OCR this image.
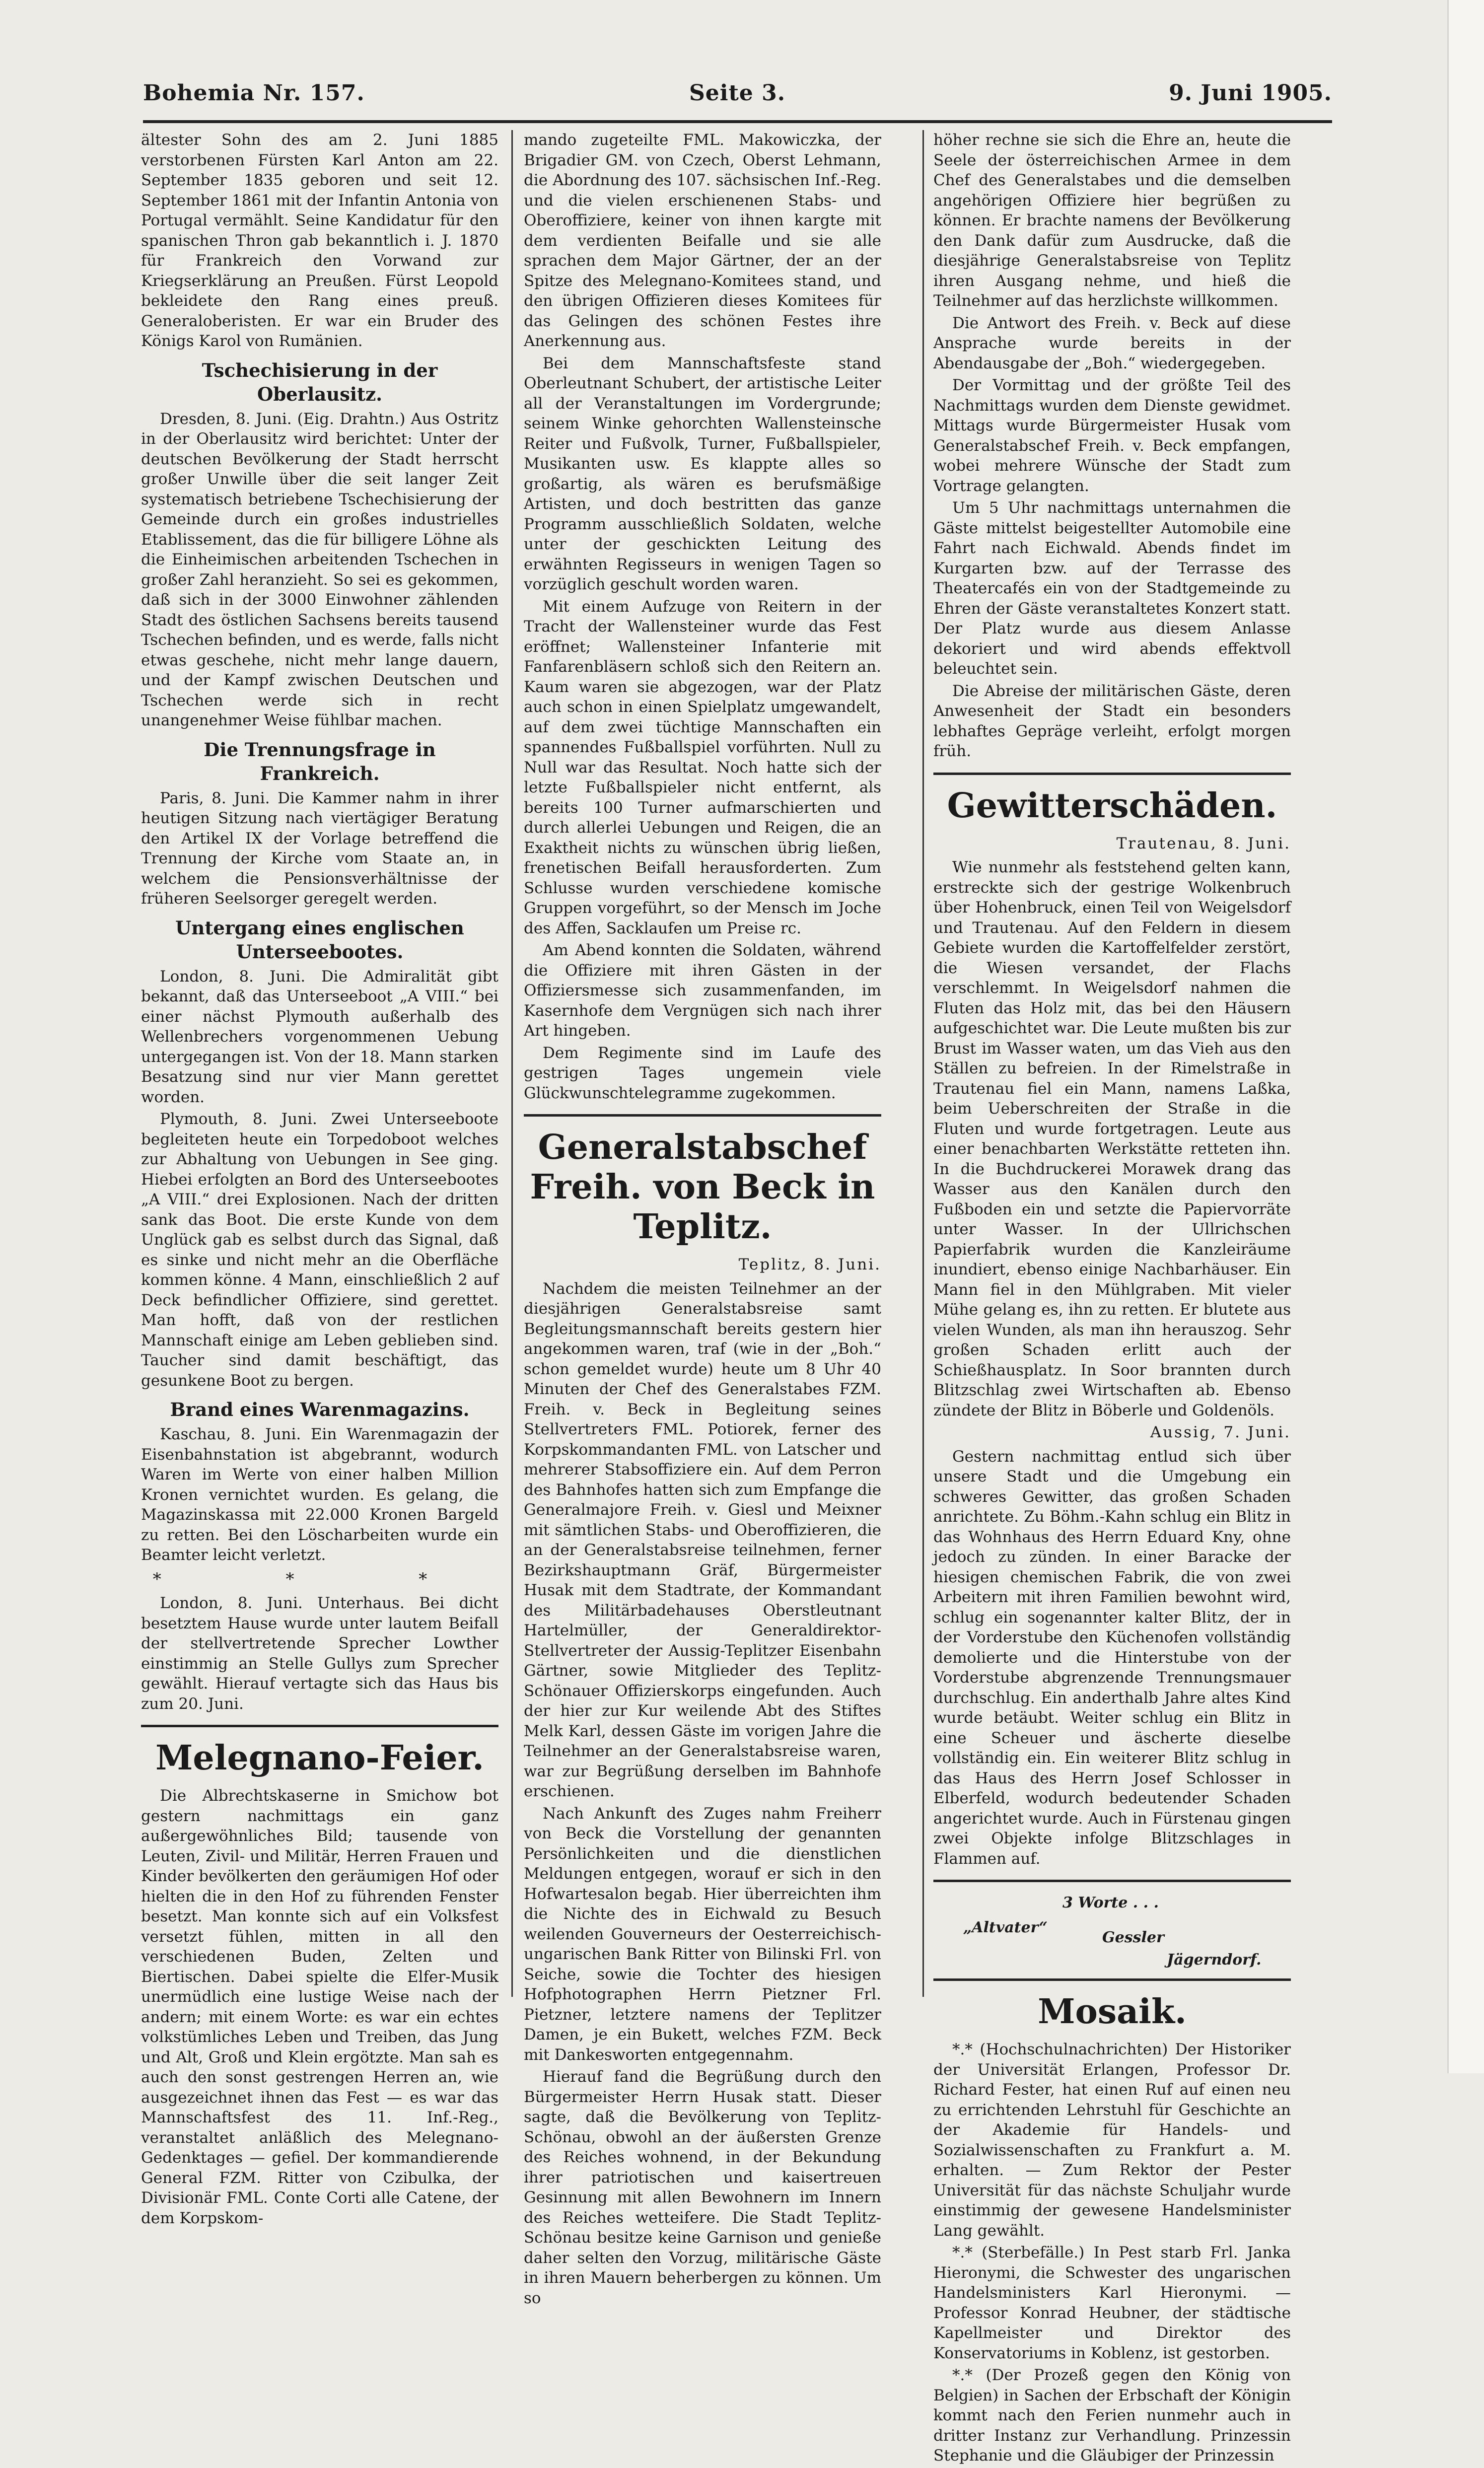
Bohemia Nr. 157.	Seite 3.	9. Juni 1905.

ältester Sohn des am 2. Juni 1885 verstorbenen Fürsten Karl Anton am 22. September 1835 geboren und seit 12. September 1861 mit der Infantin Antonia von Portugal vermählt. Seine Kandidatur für den spanischen Thron gab bekanntlich i. J. 1870 für Frankreich den Vorwand zur Kriegserklärung an Preußen. Fürst Leopold bekleidete den Rang eines preuß. Generaloberisten. Er war ein Bruder des Königs Karol von Rumänien.

Tschechisierung in der Oberlausitz.

Dresden, 8. Juni. (Eig. Drahtn.) Aus Ostritz in der Oberlausitz wird berichtet: Unter der deutschen Bevölkerung der Stadt herrscht großer Unwille über die seit langer Zeit systematisch betriebene Tschechisierung der Gemeinde durch ein großes industrielles Etablissement, das die für billigere Löhne als die Einheimischen arbeitenden Tschechen in großer Zahl heranzieht. So sei es gekommen, daß sich in der 3000 Einwohner zählenden Stadt des östlichen Sachsens bereits tausend Tschechen befinden, und es werde, falls nicht etwas geschehe, nicht mehr lange dauern, und der Kampf zwischen Deutschen und Tschechen werde sich in recht unangenehmer Weise fühlbar machen.

Die Trennungsfrage in Frankreich.

Paris, 8. Juni. Die Kammer nahm in ihrer heutigen Sitzung nach viertägiger Beratung den Artikel IX der Vorlage betreffend die Trennung der Kirche vom Staate an, in welchem die Pensionsverhältnisse der früheren Seelsorger geregelt werden.

Untergang eines englischen Unterseebootes.

London, 8. Juni. Die Admiralität gibt bekannt, daß das Unterseeboot „A VIII.“ bei einer nächst Plymouth außerhalb des Wellenbrechers vorgenommenen Uebung untergegangen ist. Von der 18. Mann starken Besatzung sind nur vier Mann gerettet worden.

Plymouth, 8. Juni. Zwei Unterseeboote begleiteten heute ein Torpedoboot welches zur Abhaltung von Uebungen in See ging. Hiebei erfolgten an Bord des Unterseebootes „A VIII.“ drei Explosionen. Nach der dritten sank das Boot. Die erste Kunde von dem Unglück gab es selbst durch das Signal, daß es sinke und nicht mehr an die Oberfläche kommen könne. 4 Mann, einschließlich 2 auf Deck befindlicher Offiziere, sind gerettet. Man hofft, daß von der restlichen Mannschaft einige am Leben geblieben sind. Taucher sind damit beschäftigt, das gesunkene Boot zu bergen.

Brand eines Warenmagazins.

Kaschau, 8. Juni. Ein Warenmagazin der Eisenbahnstation ist abgebrannt, wodurch Waren im Werte von einer halben Million Kronen vernichtet wurden. Es gelang, die Magazinskassa mit 22.000 Kronen Bargeld zu retten. Bei den Löscharbeiten wurde ein Beamter leicht verletzt.

* * *

London, 8. Juni. Unterhaus. Bei dicht besetztem Hause wurde unter lautem Beifall der stellvertretende Sprecher Lowther einstimmig an Stelle Gullys zum Sprecher gewählt. Hierauf vertagte sich das Haus bis zum 20. Juni.

Melegnano-Feier.

Die Albrechtskaserne in Smichow bot gestern nachmittags ein ganz außergewöhnliches Bild; tausende von Leuten, Zivil- und Militär, Herren Frauen und Kinder bevölkerten den geräumigen Hof oder hielten die in den Hof zu führenden Fenster besetzt. Man konnte sich auf ein Volksfest versetzt fühlen, mitten in all den verschiedenen Buden, Zelten und Biertischen. Dabei spielte die Elfer-Musik unermüdlich eine lustige Weise nach der andern; mit einem Worte: es war ein echtes volkstümliches Leben und Treiben, das Jung und Alt, Groß und Klein ergötzte. Man sah es auch den sonst gestrengen Herren an, wie ausgezeichnet ihnen das Fest — es war das Mannschaftsfest des 11. Inf.-Reg., veranstaltet anläßlich des Melegnano-Gedenktages — gefiel. Der kommandierende General FZM. Ritter von Czibulka, der Divisionär FML. Conte Corti alle Catene, der dem Korpskom-

mando zugeteilte FML. Makowiczka, der Brigadier GM. von Czech, Oberst Lehmann, die Abordnung des 107. sächsischen Inf.-Reg. und die vielen erschienenen Stabs- und Oberoffiziere, keiner von ihnen kargte mit dem verdienten Beifalle und sie alle sprachen dem Major Gärtner, der an der Spitze des Melegnano-Komitees stand, und den übrigen Offizieren dieses Komitees für das Gelingen des schönen Festes ihre Anerkennung aus.

Bei dem Mannschaftsfeste stand Oberleutnant Schubert, der artistische Leiter all der Veranstaltungen im Vordergrunde; seinem Winke gehorchten Wallensteinsche Reiter und Fußvolk, Turner, Fußballspieler, Musikanten usw. Es klappte alles so großartig, als wären es berufsmäßige Artisten, und doch bestritten das ganze Programm ausschließlich Soldaten, welche unter der geschickten Leitung des erwähnten Regisseurs in wenigen Tagen so vorzüglich geschult worden waren.

Mit einem Aufzuge von Reitern in der Tracht der Wallensteiner wurde das Fest eröffnet; Wallensteiner Infanterie mit Fanfarenbläsern schloß sich den Reitern an. Kaum waren sie abgezogen, war der Platz auch schon in einen Spielplatz umgewandelt, auf dem zwei tüchtige Mannschaften ein spannendes Fußballspiel vorführten. Null zu Null war das Resultat. Noch hatte sich der letzte Fußballspieler nicht entfernt, als bereits 100 Turner aufmarschierten und durch allerlei Uebungen und Reigen, die an Exaktheit nichts zu wünschen übrig ließen, frenetischen Beifall herausforderten. Zum Schlusse wurden verschiedene komische Gruppen vorgeführt, so der Mensch im Joche des Affen, Sacklaufen um Preise rc.

Am Abend konnten die Soldaten, während die Offiziere mit ihren Gästen in der Offiziersmesse sich zusammenfanden, im Kasernhofe dem Vergnügen sich nach ihrer Art hingeben.

Dem Regimente sind im Laufe des gestrigen Tages ungemein viele Glückwunschtelegramme zugekommen.

Generalstabschef Freih. von Beck in Teplitz.
Teplitz, 8. Juni.

Nachdem die meisten Teilnehmer an der diesjährigen Generalstabsreise samt Begleitungsmannschaft bereits gestern hier angekommen waren, traf (wie in der „Boh.“ schon gemeldet wurde) heute um 8 Uhr 40 Minuten der Chef des Generalstabes FZM. Freih. v. Beck in Begleitung seines Stellvertreters FML. Potiorek, ferner des Korpskommandanten FML. von Latscher und mehrerer Stabsoffiziere ein. Auf dem Perron des Bahnhofes hatten sich zum Empfange die Generalmajore Freih. v. Giesl und Meixner mit sämtlichen Stabs- und Oberoffizieren, die an der Generalstabsreise teilnehmen, ferner Bezirkshauptmann Gräf, Bürgermeister Husak mit dem Stadtrate, der Kommandant des Militärbadehauses Oberstleutnant Hartelmüller, der Generaldirektor-Stellvertreter der Aussig-Teplitzer Eisenbahn Gärtner, sowie Mitglieder des Teplitz-Schönauer Offizierskorps eingefunden. Auch der hier zur Kur weilende Abt des Stiftes Melk Karl, dessen Gäste im vorigen Jahre die Teilnehmer an der Generalstabsreise waren, war zur Begrüßung derselben im Bahnhofe erschienen.

Nach Ankunft des Zuges nahm Freiherr von Beck die Vorstellung der genannten Persönlichkeiten und die dienstlichen Meldungen entgegen, worauf er sich in den Hofwartesalon begab. Hier überreichten ihm die Nichte des in Eichwald zu Besuch weilenden Gouverneurs der Oesterreichisch-ungarischen Bank Ritter von Bilinski Frl. von Seiche, sowie die Tochter des hiesigen Hofphotographen Herrn Pietzner Frl. Pietzner, letztere namens der Teplitzer Damen, je ein Bukett, welches FZM. Beck mit Dankesworten entgegennahm.

Hierauf fand die Begrüßung durch den Bürgermeister Herrn Husak statt. Dieser sagte, daß die Bevölkerung von Teplitz-Schönau, obwohl an der äußersten Grenze des Reiches wohnend, in der Bekundung ihrer patriotischen und kaisertreuen Gesinnung mit allen Bewohnern im Innern des Reiches wetteifere. Die Stadt Teplitz-Schönau besitze keine Garnison und genieße daher selten den Vorzug, militärische Gäste in ihren Mauern beherbergen zu können. Um so

höher rechne sie sich die Ehre an, heute die Seele der österreichischen Armee in dem Chef des Generalstabes und die demselben angehörigen Offiziere hier begrüßen zu können. Er brachte namens der Bevölkerung den Dank dafür zum Ausdrucke, daß die diesjährige Generalstabsreise von Teplitz ihren Ausgang nehme, und hieß die Teilnehmer auf das herzlichste willkommen.

Die Antwort des Freih. v. Beck auf diese Ansprache wurde bereits in der Abendausgabe der „Boh.“ wiedergegeben.

Der Vormittag und der größte Teil des Nachmittags wurden dem Dienste gewidmet. Mittags wurde Bürgermeister Husak vom Generalstabschef Freih. v. Beck empfangen, wobei mehrere Wünsche der Stadt zum Vortrage gelangten.

Um 5 Uhr nachmittags unternahmen die Gäste mittelst beigestellter Automobile eine Fahrt nach Eichwald. Abends findet im Kurgarten bzw. auf der Terrasse des Theatercafés ein von der Stadtgemeinde zu Ehren der Gäste veranstaltetes Konzert statt. Der Platz wurde aus diesem Anlasse dekoriert und wird abends effektvoll beleuchtet sein.

Die Abreise der militärischen Gäste, deren Anwesenheit der Stadt ein besonders lebhaftes Gepräge verleiht, erfolgt morgen früh.

Gewitterschäden.
Trautenau, 8. Juni.

Wie nunmehr als feststehend gelten kann, erstreckte sich der gestrige Wolkenbruch über Hohenbruck, einen Teil von Weigelsdorf und Trautenau. Auf den Feldern in diesem Gebiete wurden die Kartoffelfelder zerstört, die Wiesen versandet, der Flachs verschlemmt. In Weigelsdorf nahmen die Fluten das Holz mit, das bei den Häusern aufgeschichtet war. Die Leute mußten bis zur Brust im Wasser waten, um das Vieh aus den Ställen zu befreien. In der Rimelstraße in Trautenau fiel ein Mann, namens Laßka, beim Ueberschreiten der Straße in die Fluten und wurde fortgetragen. Leute aus einer benachbarten Werkstätte retteten ihn. In die Buchdruckerei Morawek drang das Wasser aus den Kanälen durch den Fußboden ein und setzte die Papiervorräte unter Wasser. In der Ullrichschen Papierfabrik wurden die Kanzleiräume inundiert, ebenso einige Nachbarhäuser. Ein Mann fiel in den Mühlgraben. Mit vieler Mühe gelang es, ihn zu retten. Er blutete aus vielen Wunden, als man ihn herauszog. Sehr großen Schaden erlitt auch der Schießhausplatz. In Soor brannten durch Blitzschlag zwei Wirtschaften ab. Ebenso zündete der Blitz in Böberle und Goldenöls.

Aussig, 7. Juni.

Gestern nachmittag entlud sich über unsere Stadt und die Umgebung ein schweres Gewitter, das großen Schaden anrichtete. Zu Böhm.-Kahn schlug ein Blitz in das Wohnhaus des Herrn Eduard Kny, ohne jedoch zu zünden. In einer Baracke der hiesigen chemischen Fabrik, die von zwei Arbeitern mit ihren Familien bewohnt wird, schlug ein sogenannter kalter Blitz, der in der Vorderstube den Küchenofen vollständig demolierte und die Hinterstube von der Vorderstube abgrenzende Trennungsmauer durchschlug. Ein anderthalb Jahre altes Kind wurde betäubt. Weiter schlug ein Blitz in eine Scheuer und äscherte dieselbe vollständig ein. Ein weiterer Blitz schlug in das Haus des Herrn Josef Schlosser in Elberfeld, wodurch bedeutender Schaden angerichtet wurde. Auch in Fürstenau gingen zwei Objekte infolge Blitzschlages in Flammen auf.

3 Worte . . .
„Altvater“
Gessler
Jägerndorf.
Mosaik.

*.* (Hochschulnachrichten) Der Historiker der Universität Erlangen, Professor Dr. Richard Fester, hat einen Ruf auf einen neu zu errichtenden Lehrstuhl für Geschichte an der Akademie für Handels- und Sozialwissenschaften zu Frankfurt a. M. erhalten. — Zum Rektor der Pester Universität für das nächste Schuljahr wurde einstimmig der gewesene Handelsminister Lang gewählt.

*.* (Sterbefälle.) In Pest starb Frl. Janka Hieronymi, die Schwester des ungarischen Handelsministers Karl Hieronymi. — Professor Konrad Heubner, der städtische Kapellmeister und Direktor des Konservatoriums in Koblenz, ist gestorben.

*.* (Der Prozeß gegen den König von Belgien) in Sachen der Erbschaft der Königin kommt nach den Ferien nunmehr auch in dritter Instanz zur Verhandlung. Prinzessin Stephanie und die Gläubiger der Prinzessin
